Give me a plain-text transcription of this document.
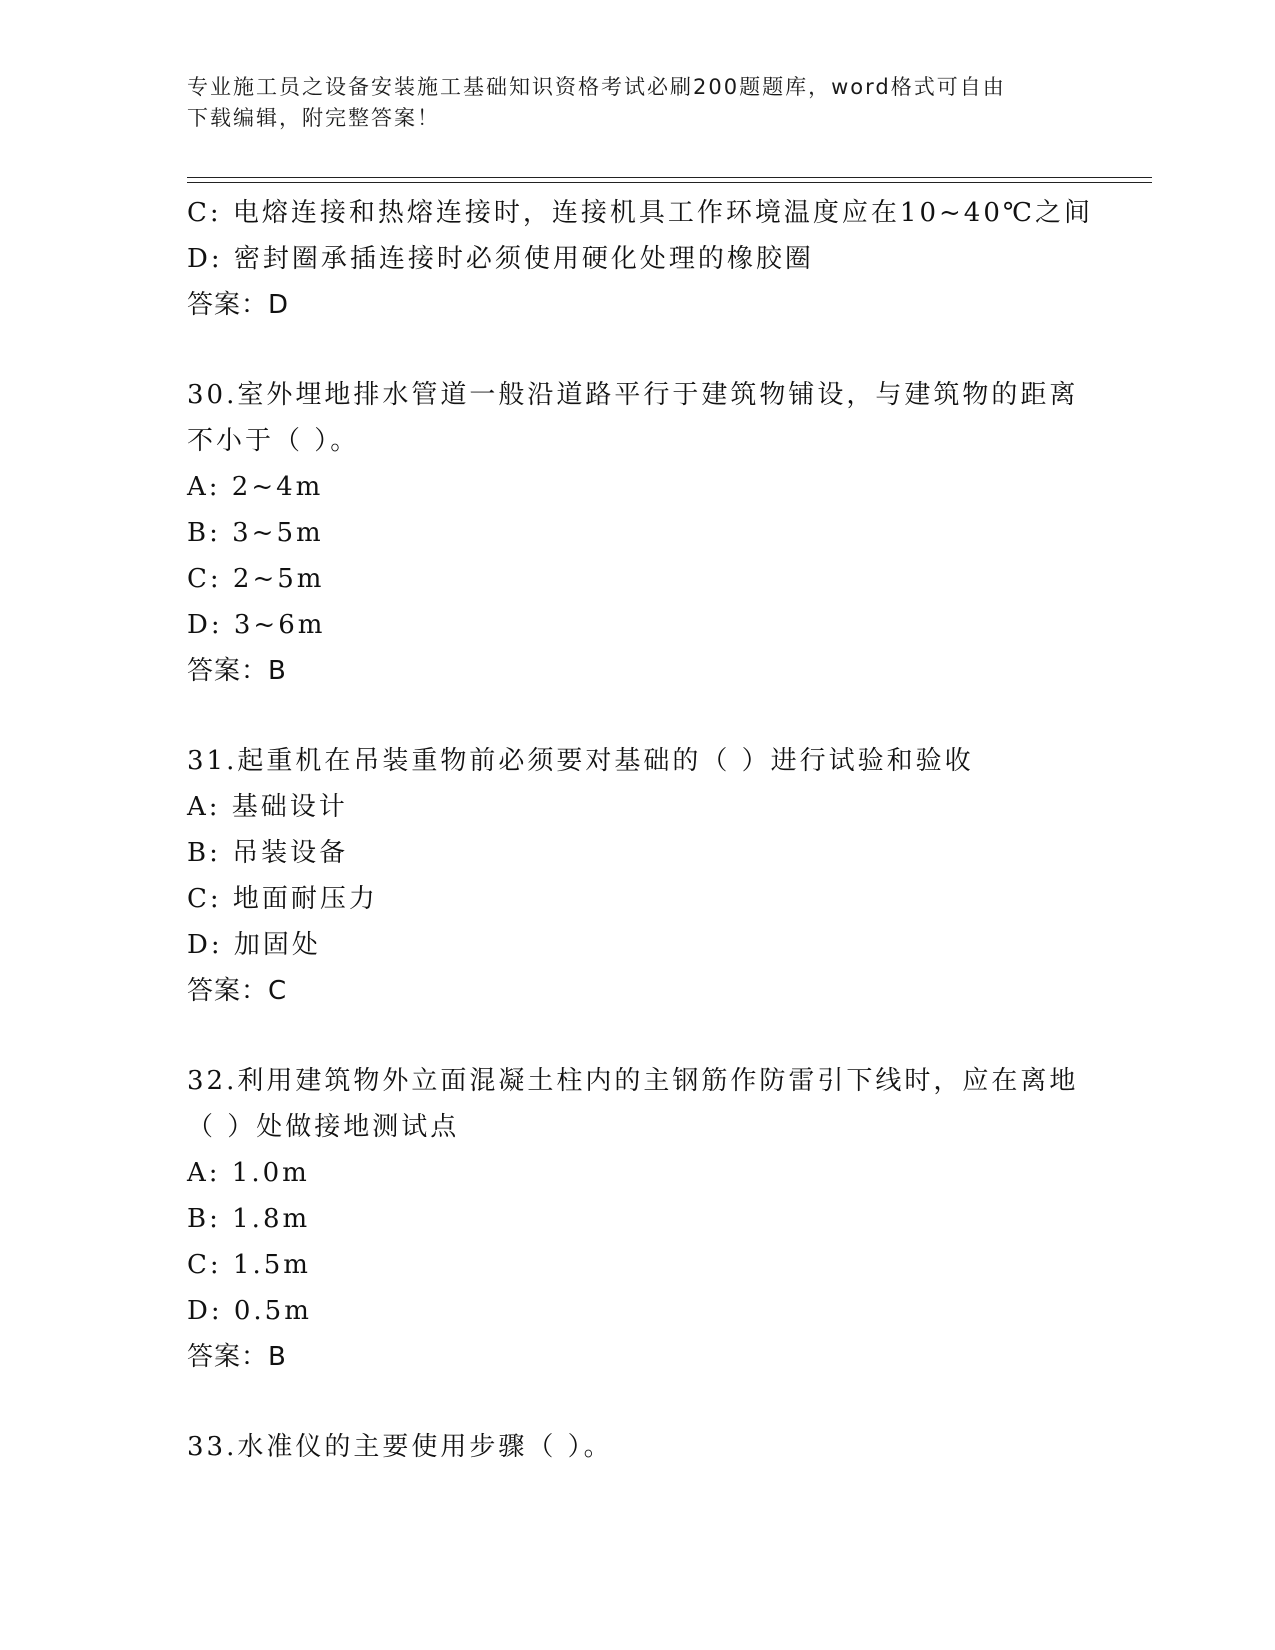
专业施工员之设备安装施工基础知识资格考试必刷200题题库，word格式可自由
下载编辑，附完整答案！
C: 电熔连接和热熔连接时，连接机具工作环境温度应在10~40℃之间
D: 密封圈承插连接时必须使用硬化处理的橡胶圈
答案：D
30.室外埋地排水管道一般沿道路平行于建筑物铺设，与建筑物的距离
不小于（ ）。
A: 2~4m
B: 3~5m
C: 2~5m
D: 3~6m
答案：B
31.起重机在吊装重物前必须要对基础的（ ）进行试验和验收
A: 基础设计
B: 吊装设备
C: 地面耐压力
D: 加固处
答案：C
32.利用建筑物外立面混凝土柱内的主钢筋作防雷引下线时，应在离地
（ ）处做接地测试点
A: 1.0m
B: 1.8m
C: 1.5m
D: 0.5m
答案：B
33.水准仪的主要使用步骤（ ）。
